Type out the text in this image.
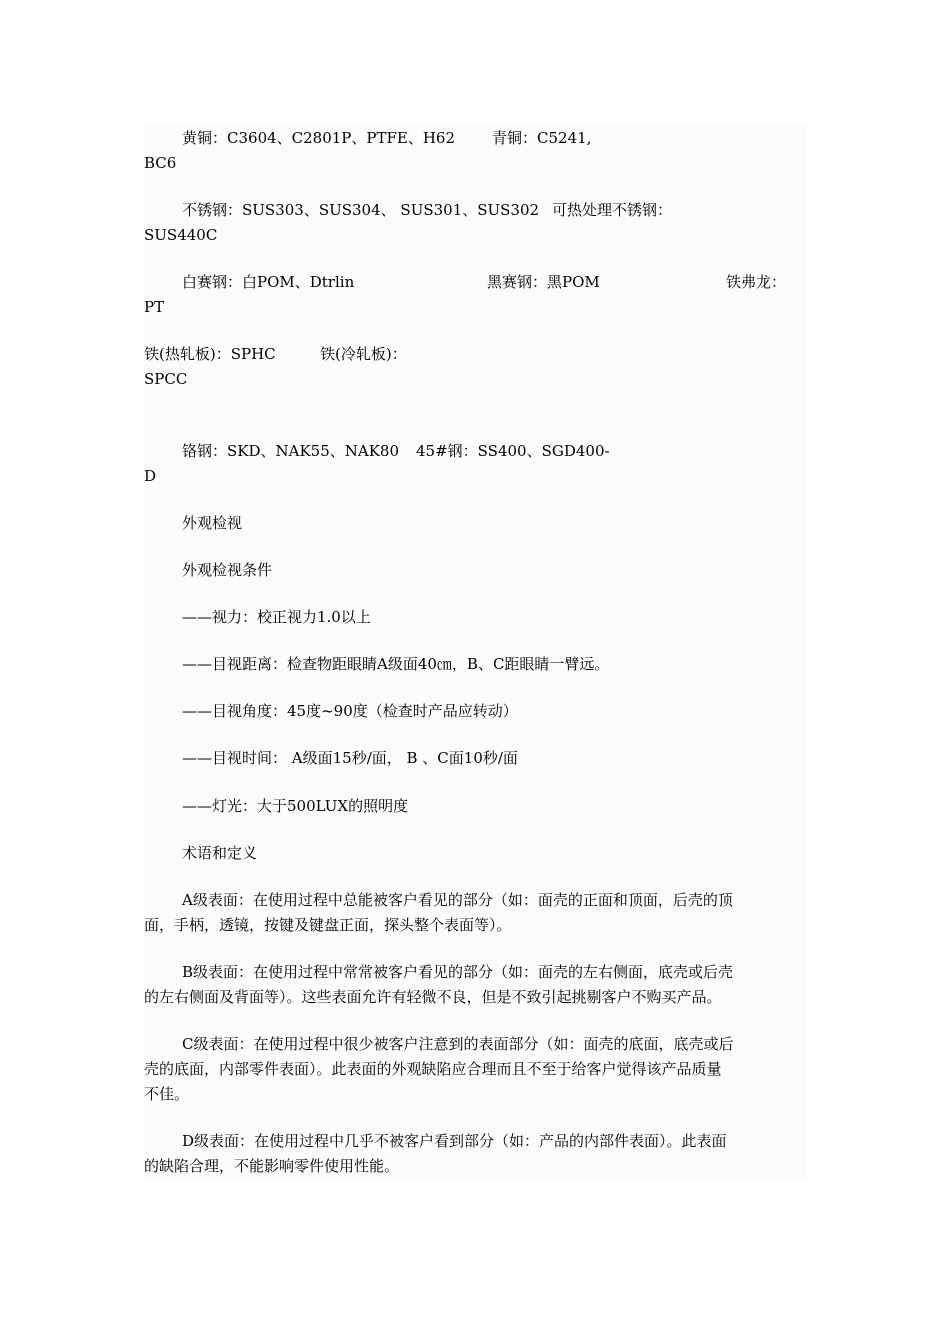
黄铜：C3604、C2801P、PTFE、H62 青铜：C5241,
BC6
不锈钢：SUS303、SUS304、 SUS301、SUS302 可热处理不锈钢：
SUS440C
白赛钢：白POM、Dtrlin	黑赛钢：黑POM	铁弗龙：
PT
铁(热轧板)：SPHC	铁(冷轧板)：
SPCC
铬钢：SKD、NAK55、NAK80 45#钢：SS400、SGD400-
D
外观检视
外观检视条件
——视力：校正视力1.0以上
——目视距离：检查物距眼睛A级面40㎝，B、C距眼睛一臂远。
——目视角度：45度~90度（检查时产品应转动）
——目视时间： A级面15秒/面， B 、C面10秒/面
——灯光：大于500LUX的照明度
术语和定义
A级表面：在使用过程中总能被客户看见的部分（如：面壳的正面和顶面，后壳的顶
面，手柄，透镜，按键及键盘正面，探头整个表面等）。
B级表面：在使用过程中常常被客户看见的部分（如：面壳的左右侧面，底壳或后壳
的左右侧面及背面等）。这些表面允许有轻微不良，但是不致引起挑剔客户不购买产品。
C级表面：在使用过程中很少被客户注意到的表面部分（如：面壳的底面，底壳或后
壳的底面，内部零件表面）。此表面的外观缺陷应合理而且不至于给客户觉得该产品质量
不佳。
D级表面：在使用过程中几乎不被客户看到部分（如：产品的内部件表面）。此表面
的缺陷合理，不能影响零件使用性能。
